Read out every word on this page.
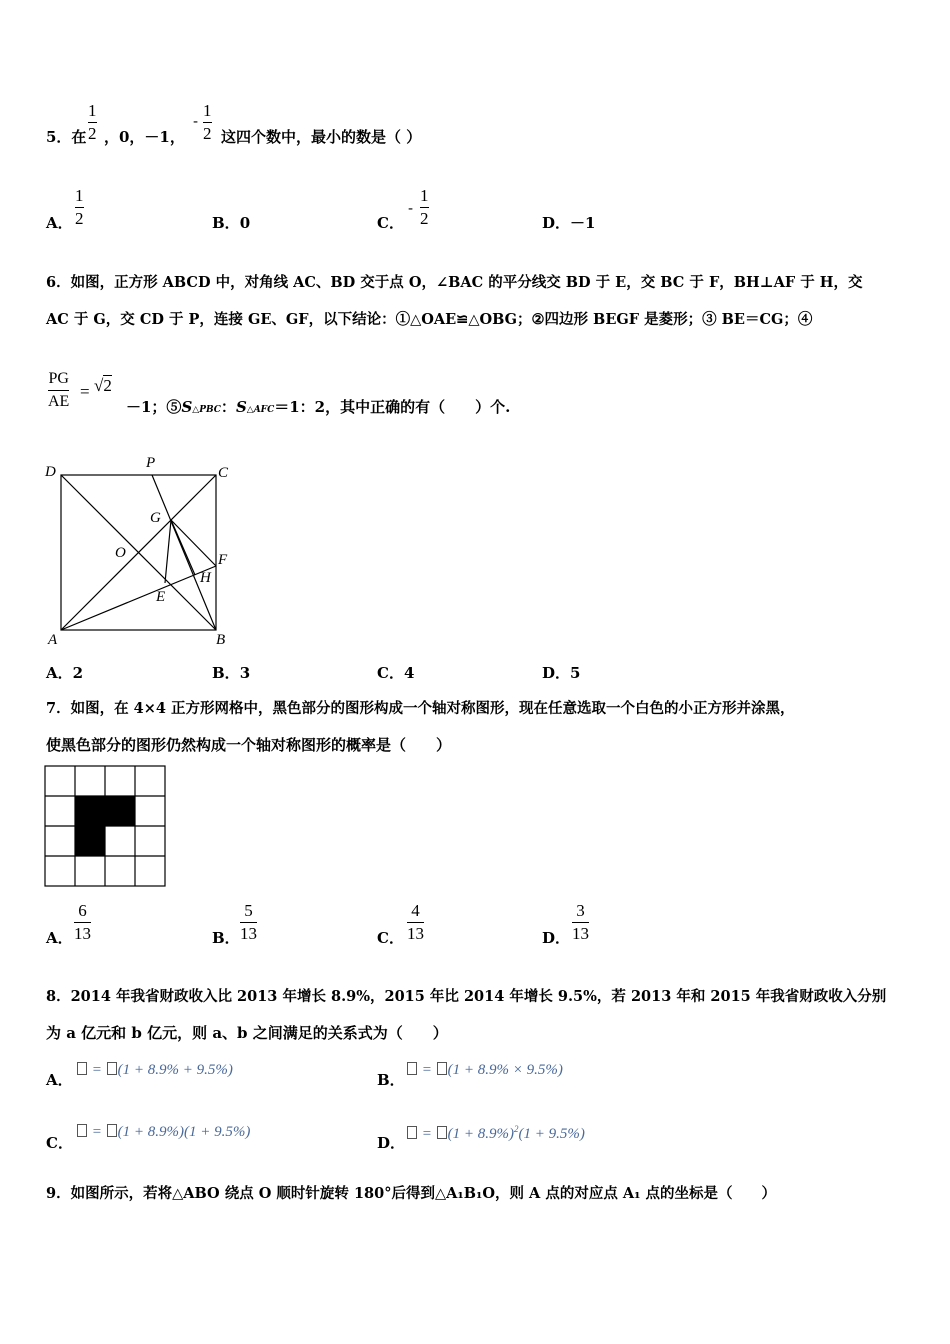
5．在
1
2 ，0，－1，
-
1
2 这四个数中，最小的数是（ ）
A．
1
2	B．0	C．
-
1
2	D．－1
6．如图，正方形 ABCD 中，对角线 AC、BD 交于点 O，∠BAC 的平分线交 BD 于 E，交 BC 于 F，BH⊥AF 于 H，交
AC 于 G，交 CD 于 P，连接 GE、GF，以下结论：①△OAE≌△OBG；②四边形 BEGF 是菱形；③ BE＝CG；④
PG
AE
= √2
－1；⑤S△PBC：S△AFC＝1：2，其中正确的有（　　）个.
D
P
C
G
O	F
H
E
A	B
A．2	B．3	C．4	D．5
7．如图，在 4×4 正方形网格中，黑色部分的图形构成一个轴对称图形，现在任意选取一个白色的小正方形并涂黑，
使黑色部分的图形仍然构成一个轴对称图形的概率是（　　）
A．
6
13	B．
5
13	C．
4
13	D．
3
13
8．2014 年我省财政收入比 2013 年增长 8.9%，2015 年比 2014 年增长 9.5%，若 2013 年和 2015 年我省财政收入分别
为 a 亿元和 b 亿元，则 a、b 之间满足的关系式为（　　）
A．
= (1 + 8.9% + 9.5%)
B．
= (1 + 8.9% × 9.5%)
C．
= (1 + 8.9%)(1 + 9.5%)
D．	= $(1 + 8.9\%)^2(1 + 9.5\%)$
9．如图所示，若将△ABO 绕点 O 顺时针旋转 180°后得到△A₁B₁O，则 A 点的对应点 A₁ 点的坐标是（　　）
